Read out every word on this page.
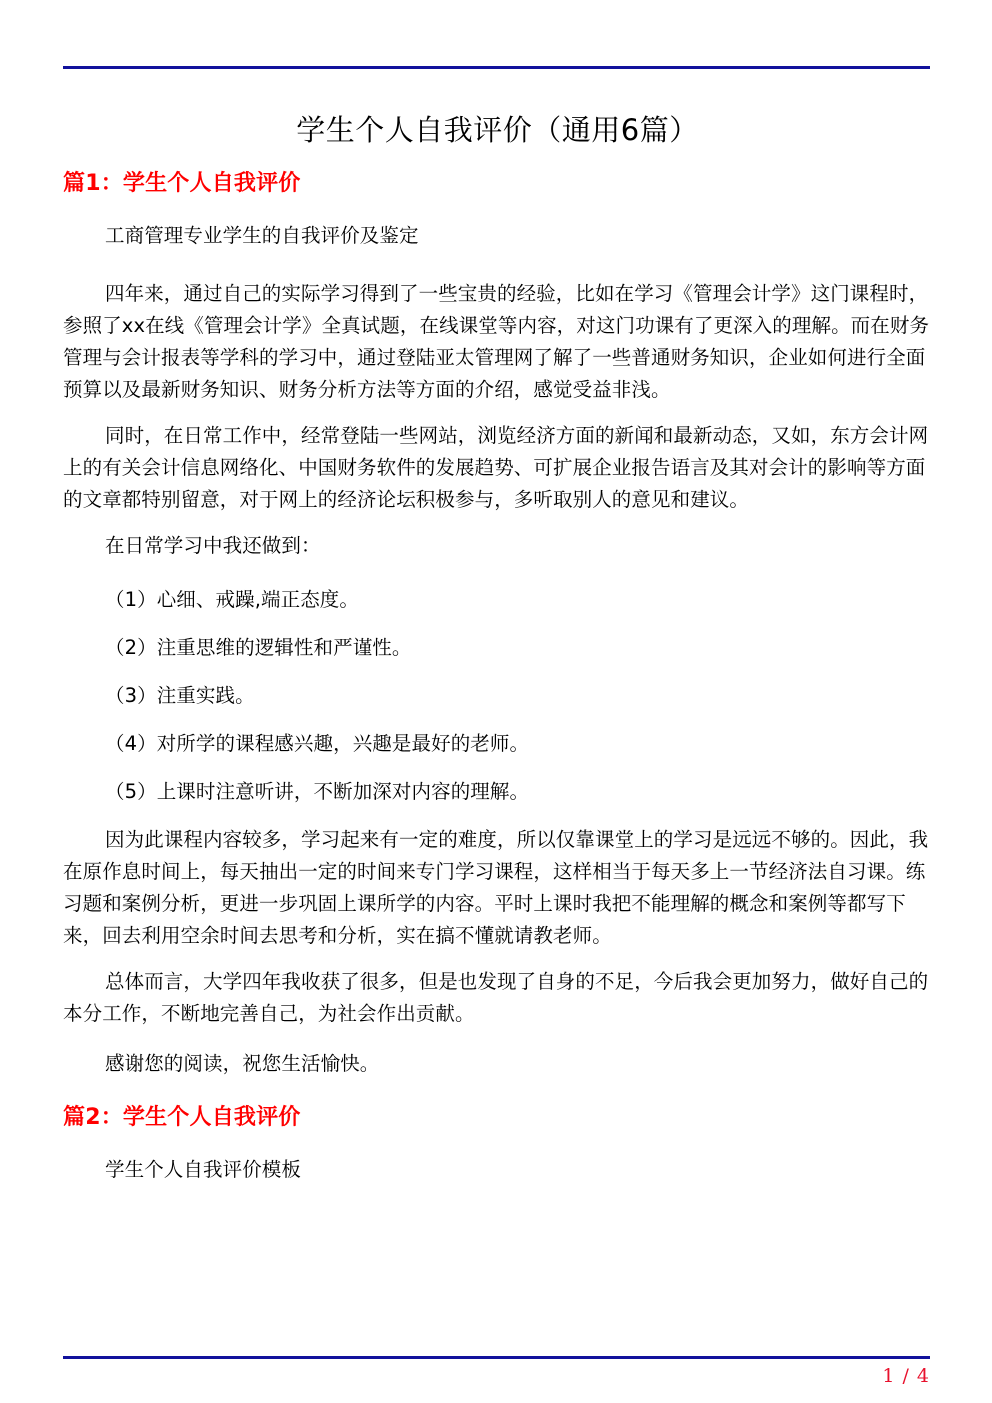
学生个人自我评价（通用6篇）
篇1：学生个人自我评价

工商管理专业学生的自我评价及鉴定

四年来，通过自己的实际学习得到了一些宝贵的经验，比如在学习《管理会计学》这门课程时，参照了xx在线《管理会计学》全真试题，在线课堂等内容，对这门功课有了更深入的理解。而在财务管理与会计报表等学科的学习中，通过登陆亚太管理网了解了一些普通财务知识，企业如何进行全面预算以及最新财务知识、财务分析方法等方面的介绍，感觉受益非浅。

同时，在日常工作中，经常登陆一些网站，浏览经济方面的新闻和最新动态，又如，东方会计网上的有关会计信息网络化、中国财务软件的发展趋势、可扩展企业报告语言及其对会计的影响等方面的文章都特别留意，对于网上的经济论坛积极参与，多听取别人的意见和建议。

在日常学习中我还做到：

（1）心细、戒躁,端正态度。
（2）注重思维的逻辑性和严谨性。
（3）注重实践。
（4）对所学的课程感兴趣，兴趣是最好的老师。
（5）上课时注意听讲，不断加深对内容的理解。

因为此课程内容较多，学习起来有一定的难度，所以仅靠课堂上的学习是远远不够的。因此，我在原作息时间上，每天抽出一定的时间来专门学习课程，这样相当于每天多上一节经济法自习课。练习题和案例分析，更进一步巩固上课所学的内容。平时上课时我把不能理解的概念和案例等都写下来，回去利用空余时间去思考和分析，实在搞不懂就请教老师。

总体而言，大学四年我收获了很多，但是也发现了自身的不足，今后我会更加努力，做好自己的本分工作，不断地完善自己，为社会作出贡献。

感谢您的阅读，祝您生活愉快。

篇2：学生个人自我评价

学生个人自我评价模板

1 / 4
